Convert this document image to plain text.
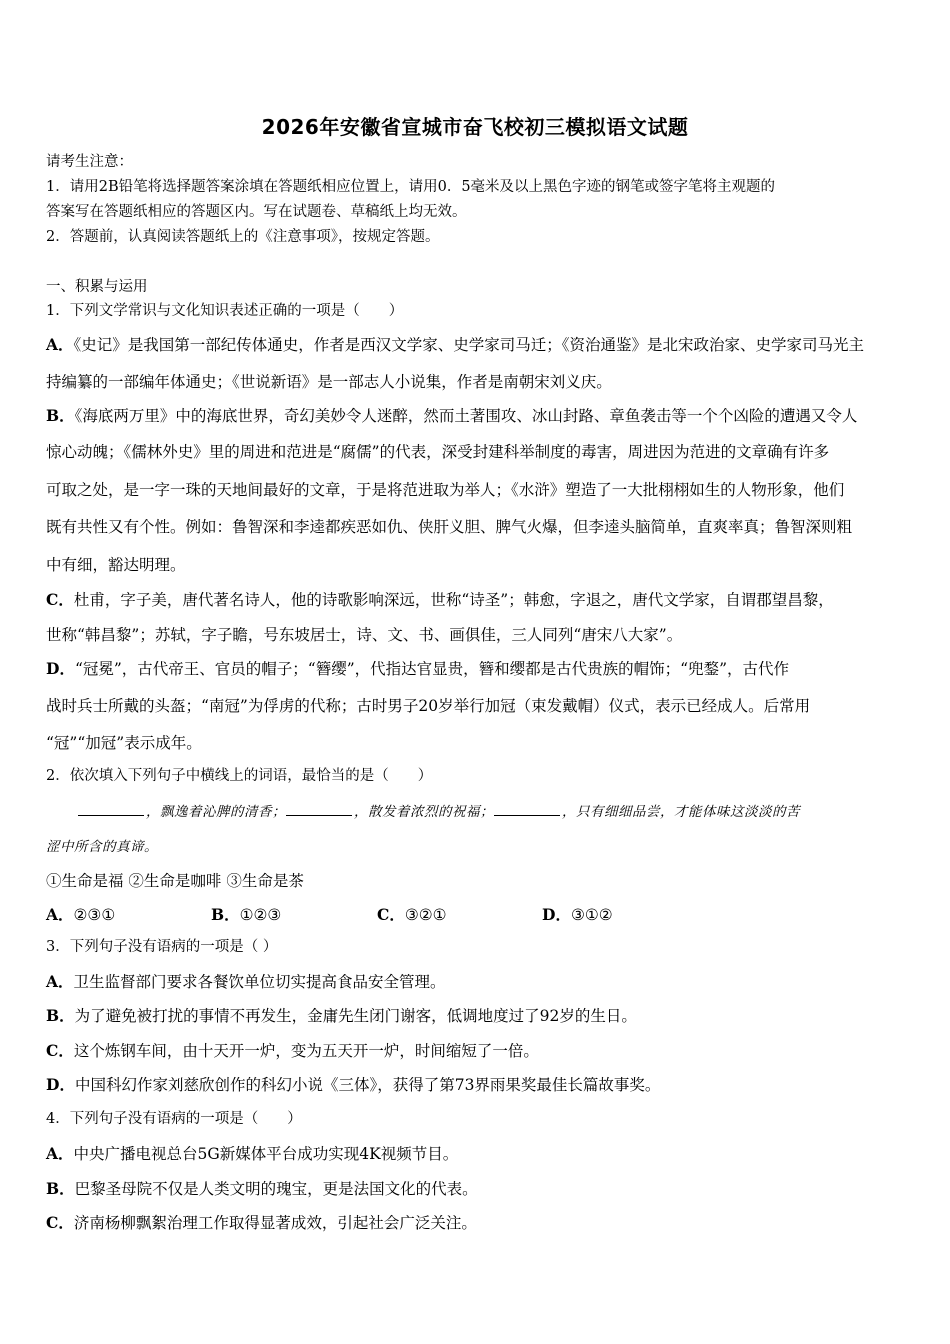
2026年安徽省宣城市奋飞校初三模拟语文试题
请考生注意：
1．请用2B铅笔将选择题答案涂填在答题纸相应位置上，请用0．5毫米及以上黑色字迹的钢笔或签字笔将主观题的
答案写在答题纸相应的答题区内。写在试题卷、草稿纸上均无效。
2．答题前，认真阅读答题纸上的《注意事项》，按规定答题。
一、积累与运用
1．下列文学常识与文化知识表述正确的一项是（　　）
A．《史记》是我国第一部纪传体通史，作者是西汉文学家、史学家司马迁；《资治通鉴》是北宋政治家、史学家司马光主
持编纂的一部编年体通史；《世说新语》是一部志人小说集，作者是南朝宋刘义庆。
B．《海底两万里》中的海底世界，奇幻美妙令人迷醉，然而土著围攻、冰山封路、章鱼袭击等一个个凶险的遭遇又令人
惊心动魄；《儒林外史》里的周进和范进是“腐儒”的代表，深受封建科举制度的毒害，周进因为范进的文章确有许多
可取之处，是一字一珠的天地间最好的文章，于是将范进取为举人；《水浒》塑造了一大批栩栩如生的人物形象，他们
既有共性又有个性。例如：鲁智深和李逵都疾恶如仇、侠肝义胆、脾气火爆，但李逵头脑简单，直爽率真；鲁智深则粗
中有细，豁达明理。
C．杜甫，字子美，唐代著名诗人，他的诗歌影响深远，世称“诗圣”；韩愈，字退之，唐代文学家，自谓郡望昌黎，
世称“韩昌黎”；苏轼，字子瞻，号东坡居士，诗、文、书、画俱佳，三人同列“唐宋八大家”。
D．“冠冕”，古代帝王、官员的帽子；“簪缨”，代指达官显贵，簪和缨都是古代贵族的帽饰；“兜鍪”，古代作
战时兵士所戴的头盔；“南冠”为俘虏的代称；古时男子20岁举行加冠（束发戴帽）仪式，表示已经成人。后常用
“冠”“加冠”表示成年。
2．依次填入下列句子中横线上的词语，最恰当的是（　　）
，飘逸着沁脾的清香；	，散发着浓烈的祝福；	，只有细细品尝，才能体味这淡淡的苦
涩中所含的真谛。
①生命是福 ②生命是咖啡 ③生命是茶
A．②③①	B．①②③	C．③②①	D．③①②
3．下列句子没有语病的一项是（ ）
A．卫生监督部门要求各餐饮单位切实提高食品安全管理。
B．为了避免被打扰的事情不再发生，金庸先生闭门谢客，低调地度过了92岁的生日。
C．这个炼钢车间，由十天开一炉，变为五天开一炉，时间缩短了一倍。
D．中国科幻作家刘慈欣创作的科幻小说《三体》，获得了第73界雨果奖最佳长篇故事奖。
4．下列句子没有语病的一项是（　　）
A．中央广播电视总台5G新媒体平台成功实现4K视频节目。
B．巴黎圣母院不仅是人类文明的瑰宝，更是法国文化的代表。
C．济南杨柳飘絮治理工作取得显著成效，引起社会广泛关注。
